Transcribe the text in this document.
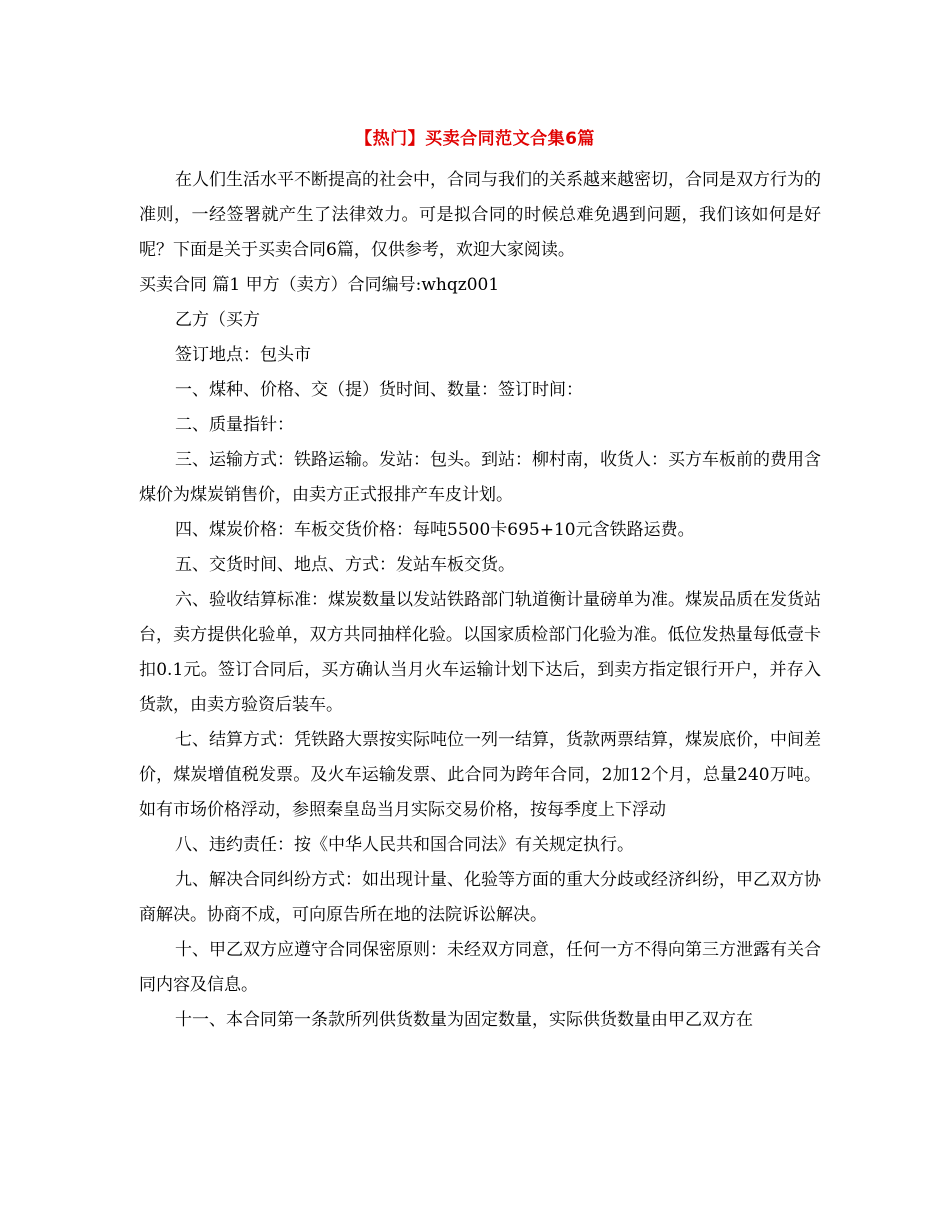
【热门】买卖合同范文合集6篇

在人们生活水平不断提高的社会中，合同与我们的关系越来越密切，合同是双方行为的准则，一经签署就产生了法律效力。可是拟合同的时候总难免遇到问题，我们该如何是好呢？下面是关于买卖合同6篇，仅供参考，欢迎大家阅读。

买卖合同 篇1 甲方（卖方）合同编号:whqz001

乙方（买方

签订地点：包头市

一、煤种、价格、交（提）货时间、数量：签订时间：

二、质量指针：

三、运输方式：铁路运输。发站：包头。到站：柳村南，收货人：买方车板前的费用含煤价为煤炭销售价，由卖方正式报排产车皮计划。

四、煤炭价格：车板交货价格：每吨5500卡695+10元含铁路运费。

五、交货时间、地点、方式：发站车板交货。

六、验收结算标准：煤炭数量以发站铁路部门轨道衡计量磅单为准。煤炭品质在发货站台，卖方提供化验单，双方共同抽样化验。以国家质检部门化验为准。低位发热量每低壹卡扣0.1元。签订合同后，买方确认当月火车运输计划下达后，到卖方指定银行开户，并存入货款，由卖方验资后装车。

七、结算方式：凭铁路大票按实际吨位一列一结算，货款两票结算，煤炭底价，中间差价，煤炭增值税发票。及火车运输发票、此合同为跨年合同，2加12个月，总量240万吨。如有市场价格浮动，参照秦皇岛当月实际交易价格，按每季度上下浮动

八、违约责任：按《中华人民共和国合同法》有关规定执行。

九、解决合同纠纷方式：如出现计量、化验等方面的重大分歧或经济纠纷，甲乙双方协商解决。协商不成，可向原告所在地的法院诉讼解决。

十、甲乙双方应遵守合同保密原则：未经双方同意，任何一方不得向第三方泄露有关合同内容及信息。

十一、本合同第一条款所列供货数量为固定数量，实际供货数量由甲乙双方在
